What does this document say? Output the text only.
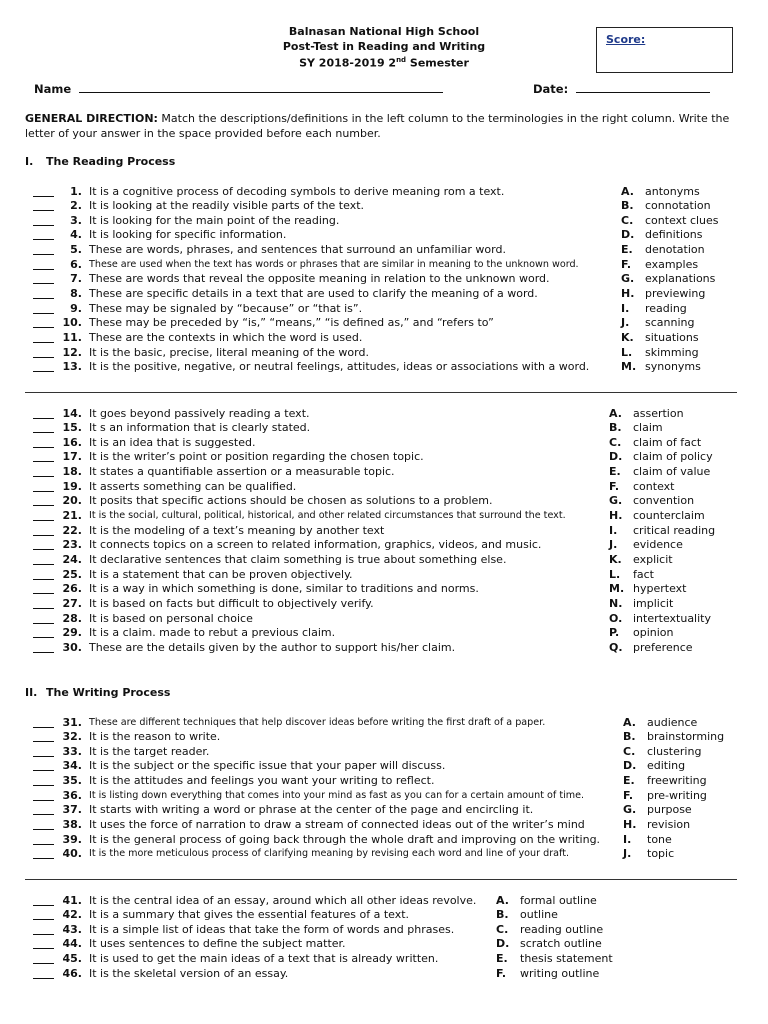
Balnasan National High School
Post-Test in Reading and Writing
SY 2018-2019 2nd Semester
Score:
Name	Date:
GENERAL DIRECTION: Match the descriptions/definitions in the left column to the terminologies in the right column. Write the letter of your answer in the space provided before each number.
I. The Reading Process
II. The Writing Process
1. It is a cognitive process of decoding symbols to derive meaning rom a text.
2. It is looking at the readily visible parts of the text.
3. It is looking for the main point of the reading.
4. It is looking for specific information.
5. These are words, phrases, and sentences that surround an unfamiliar word.
6. These are used when the text has words or phrases that are similar in meaning to the unknown word.
7. These are words that reveal the opposite meaning in relation to the unknown word.
8. These are specific details in a text that are used to clarify the meaning of a word.
9. These may be signaled by “because” or “that is”.
10. These may be preceded by “is,” “means,” “is defined as,” and “refers to”
11. These are the contexts in which the word is used.
12. It is the basic, precise, literal meaning of the word.
13. It is the positive, negative, or neutral feelings, attitudes, ideas or associations with a word.
A. antonyms
B. connotation
C. context clues
D. definitions
E. denotation
F. examples
G. explanations
H. previewing
I. reading
J. scanning
K. situations
L. skimming
M. synonyms
14. It goes beyond passively reading a text.
15. It s an information that is clearly stated.
16. It is an idea that is suggested.
17. It is the writer’s point or position regarding the chosen topic.
18. It states a quantifiable assertion or a measurable topic.
19. It asserts something can be qualified.
20. It posits that specific actions should be chosen as solutions to a problem.
21. It is the social, cultural, political, historical, and other related circumstances that surround the text.
22. It is the modeling of a text’s meaning by another text
23. It connects topics on a screen to related information, graphics, videos, and music.
24. It declarative sentences that claim something is true about something else.
25. It is a statement that can be proven objectively.
26. It is a way in which something is done, similar to traditions and norms.
27. It is based on facts but difficult to objectively verify.
28. It is based on personal choice
29. It is a claim. made to rebut a previous claim.
30. These are the details given by the author to support his/her claim.
A. assertion
B. claim
C. claim of fact
D. claim of policy
E. claim of value
F. context
G. convention
H. counterclaim
I. critical reading
J. evidence
K. explicit
L. fact
M. hypertext
N. implicit
O. intertextuality
P. opinion
Q. preference
31. These are different techniques that help discover ideas before writing the first draft of a paper.
32. It is the reason to write.
33. It is the target reader.
34. It is the subject or the specific issue that your paper will discuss.
35. It is the attitudes and feelings you want your writing to reflect.
36. It is listing down everything that comes into your mind as fast as you can for a certain amount of time.
37. It starts with writing a word or phrase at the center of the page and encircling it.
38. It uses the force of narration to draw a stream of connected ideas out of the writer’s mind
39. It is the general process of going back through the whole draft and improving on the writing.
40. It is the more meticulous process of clarifying meaning by revising each word and line of your draft.
A. audience
B. brainstorming
C. clustering
D. editing
E. freewriting
F. pre-writing
G. purpose
H. revision
I. tone
J. topic
41. It is the central idea of an essay, around which all other ideas revolve.
42. It is a summary that gives the essential features of a text.
43. It is a simple list of ideas that take the form of words and phrases.
44. It uses sentences to define the subject matter.
45. It is used to get the main ideas of a text that is already written.
46. It is the skeletal version of an essay.
A. formal outline
B. outline
C. reading outline
D. scratch outline
E. thesis statement
F. writing outline
